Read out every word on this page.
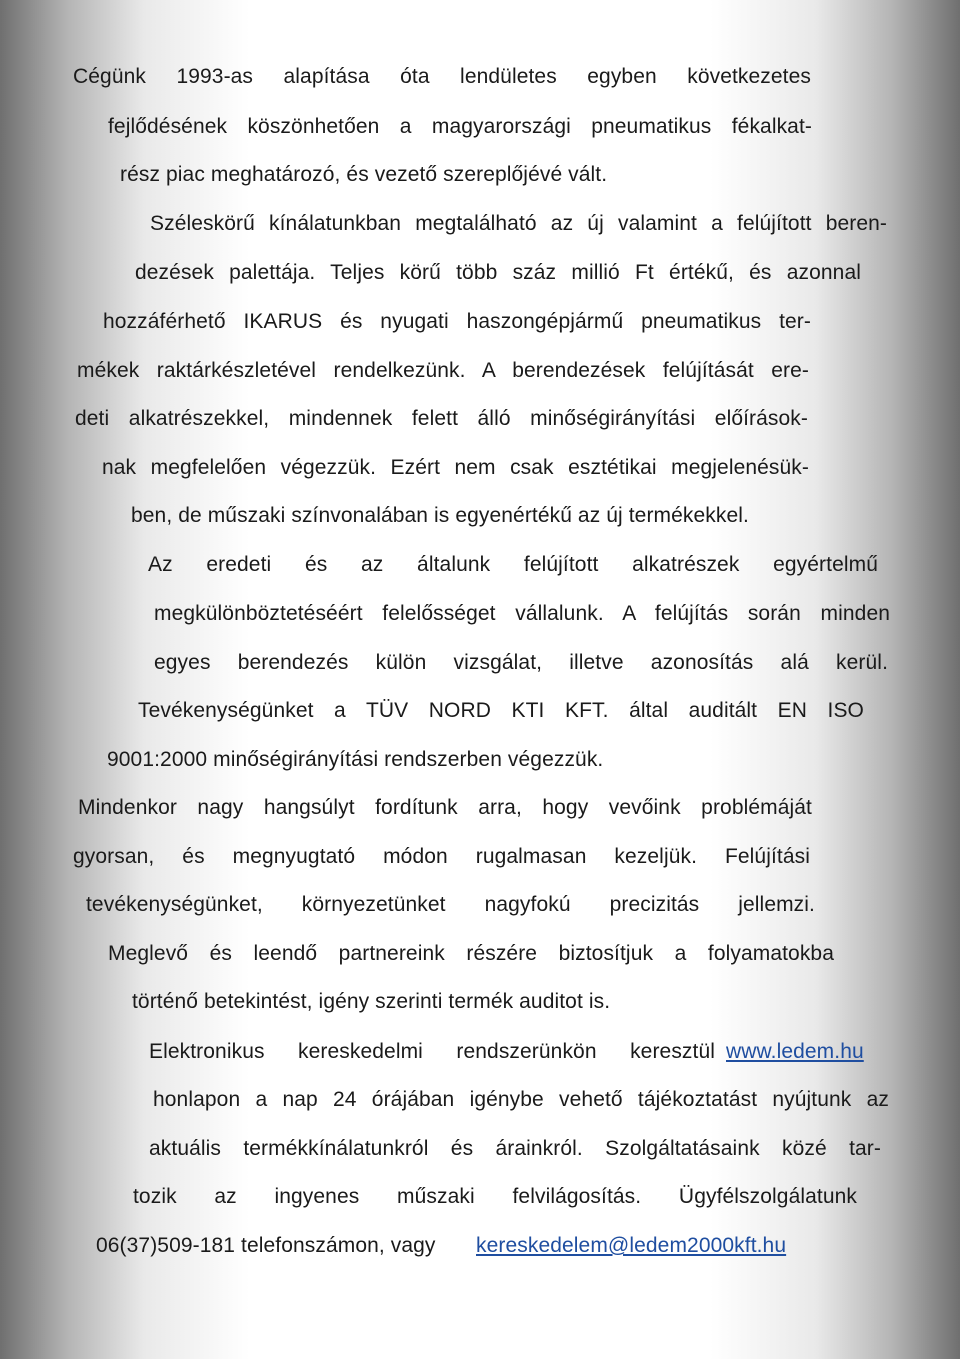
Cégünk 1993-as alapítása óta lendületes egyben következetes
fejlődésének köszönhetően a magyarországi pneumatikus fékalkat-
rész piac meghatározó, és vezető szereplőjévé vált.
Széleskörű kínálatunkban megtalálható az új valamint a felújított beren-
dezések palettája. Teljes körű több száz millió Ft értékű, és azonnal
hozzáférhető IKARUS és nyugati haszongépjármű pneumatikus ter-
mékek raktárkészletével rendelkezünk. A berendezések felújítását ere-
deti alkatrészekkel, mindennek felett álló minőségirányítási előírások-
nak megfelelően végezzük. Ezért nem csak esztétikai megjelenésük-
ben, de műszaki színvonalában is egyenértékű az új termékekkel.
Az eredeti és az általunk felújított alkatrészek egyértelmű
megkülönböztetéséért felelősséget vállalunk. A felújítás során minden
egyes berendezés külön vizsgálat, illetve azonosítás alá kerül.
Tevékenységünket a TÜV NORD KTI KFT. által auditált EN ISO
9001:2000 minőségirányítási rendszerben végezzük.
Mindenkor nagy hangsúlyt fordítunk arra, hogy vevőink problémáját
gyorsan, és megnyugtató módon rugalmasan kezeljük. Felújítási
tevékenységünket, környezetünket nagyfokú precizitás jellemzi.
Meglevő és leendő partnereink részére biztosítjuk a folyamatokba
történő betekintést, igény szerinti termék auditot is.
Elektronikus kereskedelmi rendszerünkön keresztül www.ledem.hu
honlapon a nap 24 órájában igénybe vehető tájékoztatást nyújtunk az
aktuális termékkínálatunkról és árainkról. Szolgáltatásaink közé tar-
tozik az ingyenes műszaki felvilágosítás. Ügyfélszolgálatunk
06(37)509-181 telefonszámon, vagy	kereskedelem@ledem2000kft.hu
